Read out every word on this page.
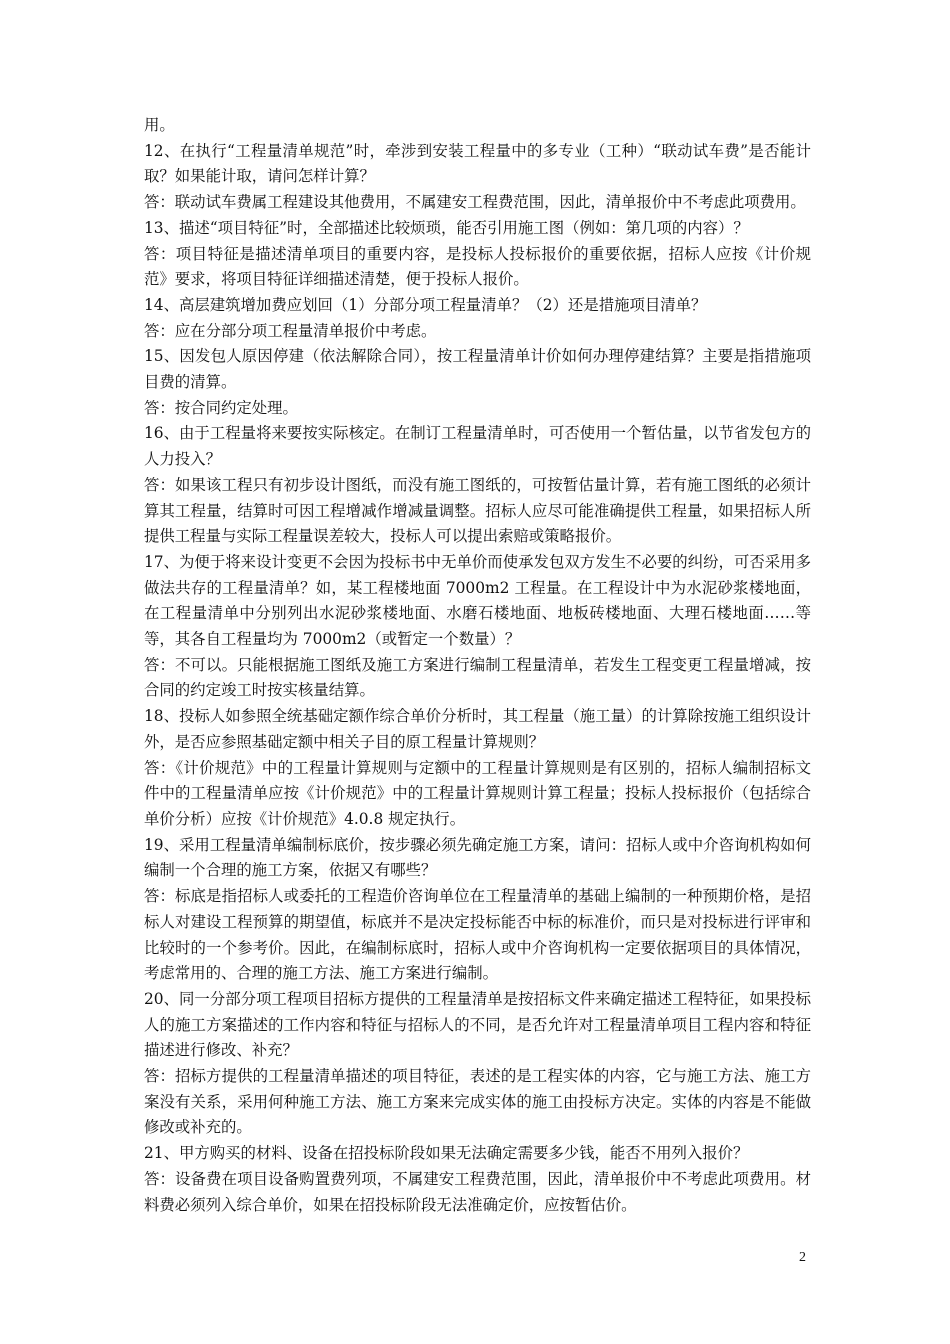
用。

12、在执行“工程量清单规范”时，牵涉到安装工程量中的多专业（工种）“联动试车费”是否能计取？如果能计取，请问怎样计算？

答：联动试车费属工程建设其他费用，不属建安工程费范围，因此，清单报价中不考虑此项费用。

13、描述“项目特征”时，全部描述比较烦琐，能否引用施工图（例如：第几项的内容）？

答：项目特征是描述清单项目的重要内容，是投标人投标报价的重要依据，招标人应按《计价规范》要求，将项目特征详细描述清楚，便于投标人报价。

14、高层建筑增加费应划回（1）分部分项工程量清单？（2）还是措施项目清单？

答：应在分部分项工程量清单报价中考虑。

15、因发包人原因停建（依法解除合同），按工程量清单计价如何办理停建结算？主要是指措施项目费的清算。

答：按合同约定处理。

16、由于工程量将来要按实际核定。在制订工程量清单时，可否使用一个暂估量，以节省发包方的人力投入？

答：如果该工程只有初步设计图纸，而没有施工图纸的，可按暂估量计算，若有施工图纸的必须计算其工程量，结算时可因工程增减作增减量调整。招标人应尽可能准确提供工程量，如果招标人所提供工程量与实际工程量误差较大，投标人可以提出索赔或策略报价。

17、为便于将来设计变更不会因为投标书中无单价而使承发包双方发生不必要的纠纷，可否采用多做法共存的工程量清单？如，某工程楼地面 7000m2 工程量。在工程设计中为水泥砂浆楼地面，在工程量清单中分别列出水泥砂浆楼地面、水磨石楼地面、地板砖楼地面、大理石楼地面……等等，其各自工程量均为 7000m2（或暂定一个数量）？

答：不可以。只能根据施工图纸及施工方案进行编制工程量清单，若发生工程变更工程量增减，按合同的约定竣工时按实核量结算。

18、投标人如参照全统基础定额作综合单价分析时，其工程量（施工量）的计算除按施工组织设计外，是否应参照基础定额中相关子目的原工程量计算规则？

答：《计价规范》中的工程量计算规则与定额中的工程量计算规则是有区别的，招标人编制招标文件中的工程量清单应按《计价规范》中的工程量计算规则计算工程量；投标人投标报价（包括综合单价分析）应按《计价规范》4.0.8 规定执行。

19、采用工程量清单编制标底价，按步骤必须先确定施工方案，请问：招标人或中介咨询机构如何编制一个合理的施工方案，依据又有哪些？

答：标底是指招标人或委托的工程造价咨询单位在工程量清单的基础上编制的一种预期价格，是招标人对建设工程预算的期望值，标底并不是决定投标能否中标的标准价，而只是对投标进行评审和比较时的一个参考价。因此，在编制标底时，招标人或中介咨询机构一定要依据项目的具体情况，考虑常用的、合理的施工方法、施工方案进行编制。

20、同一分部分项工程项目招标方提供的工程量清单是按招标文件来确定描述工程特征，如果投标人的施工方案描述的工作内容和特征与招标人的不同，是否允许对工程量清单项目工程内容和特征描述进行修改、补充？

答：招标方提供的工程量清单描述的项目特征，表述的是工程实体的内容，它与施工方法、施工方案没有关系，采用何种施工方法、施工方案来完成实体的施工由投标方决定。实体的内容是不能做修改或补充的。

21、甲方购买的材料、设备在招投标阶段如果无法确定需要多少钱，能否不用列入报价？

答：设备费在项目设备购置费列项，不属建安工程费范围，因此，清单报价中不考虑此项费用。材料费必须列入综合单价，如果在招投标阶段无法准确定价，应按暂估价。

2
